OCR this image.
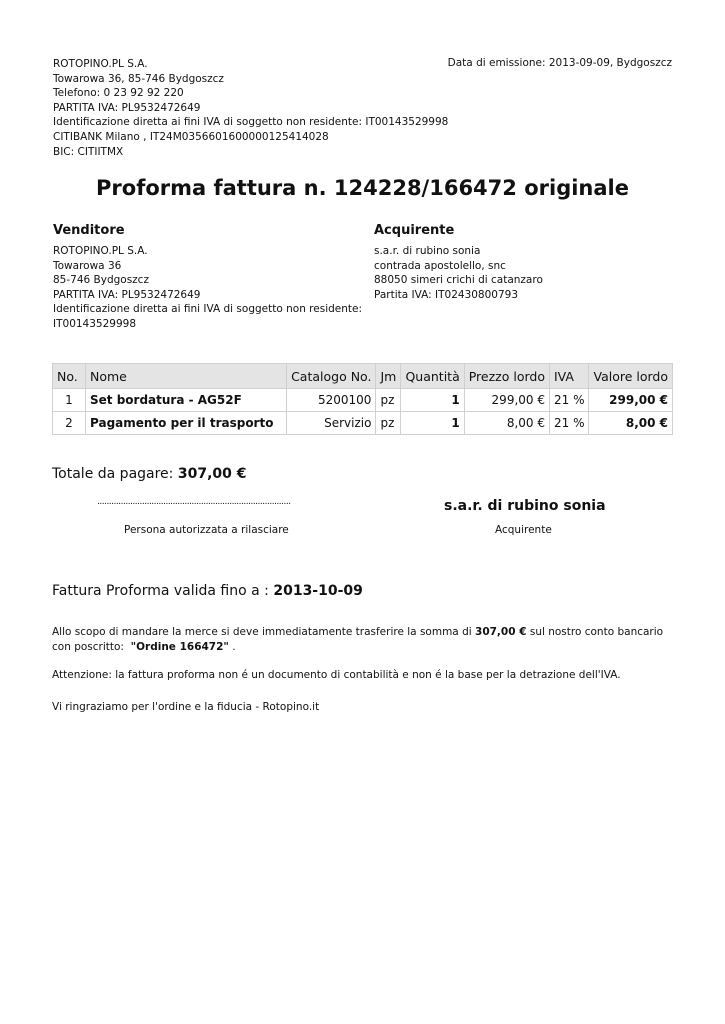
ROTOPINO.PL S.A.
Towarowa 36, 85-746 Bydgoszcz
Telefono: 0 23 92 92 220
PARTITA IVA: PL9532472649
Identificazione diretta ai fini IVA di soggetto non residente: IT00143529998
CITIBANK Milano , IT24M0356601600000125414028
BIC: CITIITMX
Data di emissione: 2013-09-09, Bydgoszcz
Proforma fattura n. 124228/166472 originale
Venditore
ROTOPINO.PL S.A.
Towarowa 36
85-746 Bydgoszcz
PARTITA IVA: PL9532472649
Identificazione diretta ai fini IVA di soggetto non residente:
IT00143529998
Acquirente
s.a.r. di rubino sonia
contrada apostolello, snc
88050 simeri crichi di catanzaro
Partita IVA: IT02430800793
No.	Nome	Catalogo No.	Jm	Quantità	Prezzo lordo	IVA	Valore lordo
1	Set bordatura - AG52F	5200100	pz	1	299,00 €	21 %	299,00 €
2	Pagamento per il trasporto	Servizio	pz	1	8,00 €	21 %	8,00 €
Totale da pagare: 307,00 €
..................................................................................
Persona autorizzata a rilasciare
s.a.r. di rubino sonia
Acquirente
Fattura Proforma valida fino a : 2013-10-09
Allo scopo di mandare la merce si deve immediatamente trasferire la somma di 307,00 € sul nostro conto bancario con poscritto: "Ordine 166472" .
Attenzione: la fattura proforma non é un documento di contabilità e non é la base per la detrazione dell'IVA.
Vi ringraziamo per l'ordine e la fiducia - Rotopino.it
